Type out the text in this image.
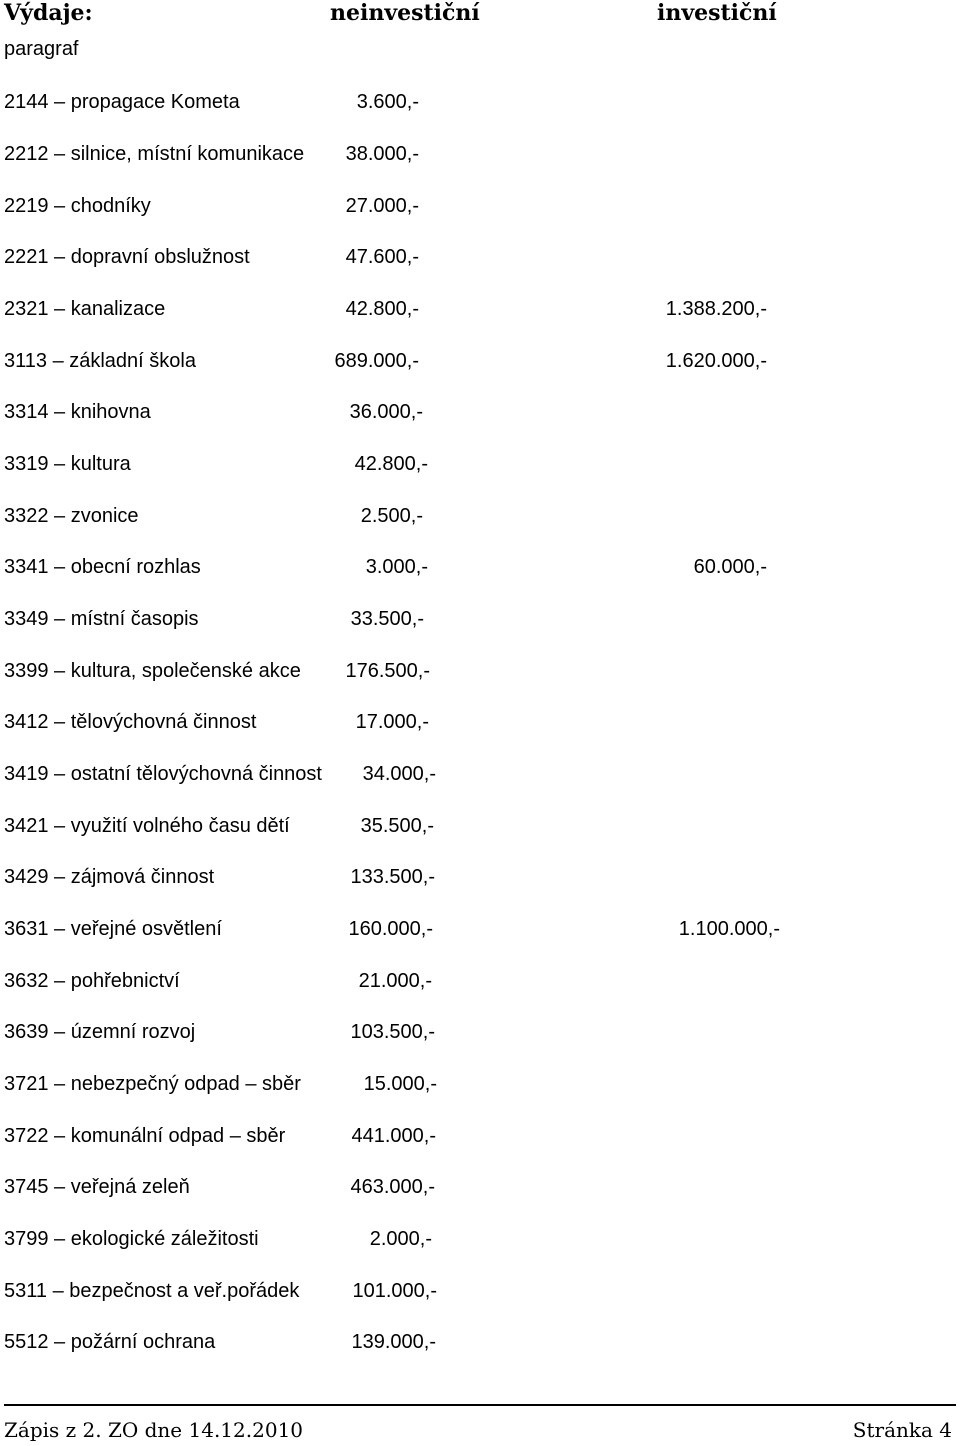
Výdaje:	neinvestiční	investiční
paragraf
2144 – propagace Kometa	3.600,-
2212 – silnice, místní komunikace 38.000,-
2219 – chodníky	27.000,-
2221 – dopravní obslužnost	47.600,-
2321 – kanalizace	42.800,-	1.388.200,-
3113 – základní škola	689.000,-	1.620.000,-
3314 – knihovna	36.000,-
3319 – kultura	42.800,-
3322 – zvonice	2.500,-
3341 – obecní rozhlas	3.000,-	60.000,-
3349 – místní časopis	33.500,-
3399 – kultura, společenské akce 176.500,-
3412 – tělovýchovná činnost	17.000,-
3419 – ostatní tělovýchovná činnost 34.000,-
3421 – využití volného času dětí	35.500,-
3429 – zájmová činnost	133.500,-
3631 – veřejné osvětlení	160.000,-	1.100.000,-
3632 – pohřebnictví	21.000,-
3639 – územní rozvoj	103.500,-
3721 – nebezpečný odpad – sběr	15.000,-
3722 – komunální odpad – sběr	441.000,-
3745 – veřejná zeleň	463.000,-
3799 – ekologické záležitosti	2.000,-
5311 – bezpečnost a veř.pořádek	101.000,-
5512 – požární ochrana	139.000,-
Zápis z 2. ZO dne 14.12.2010	Stránka 4
